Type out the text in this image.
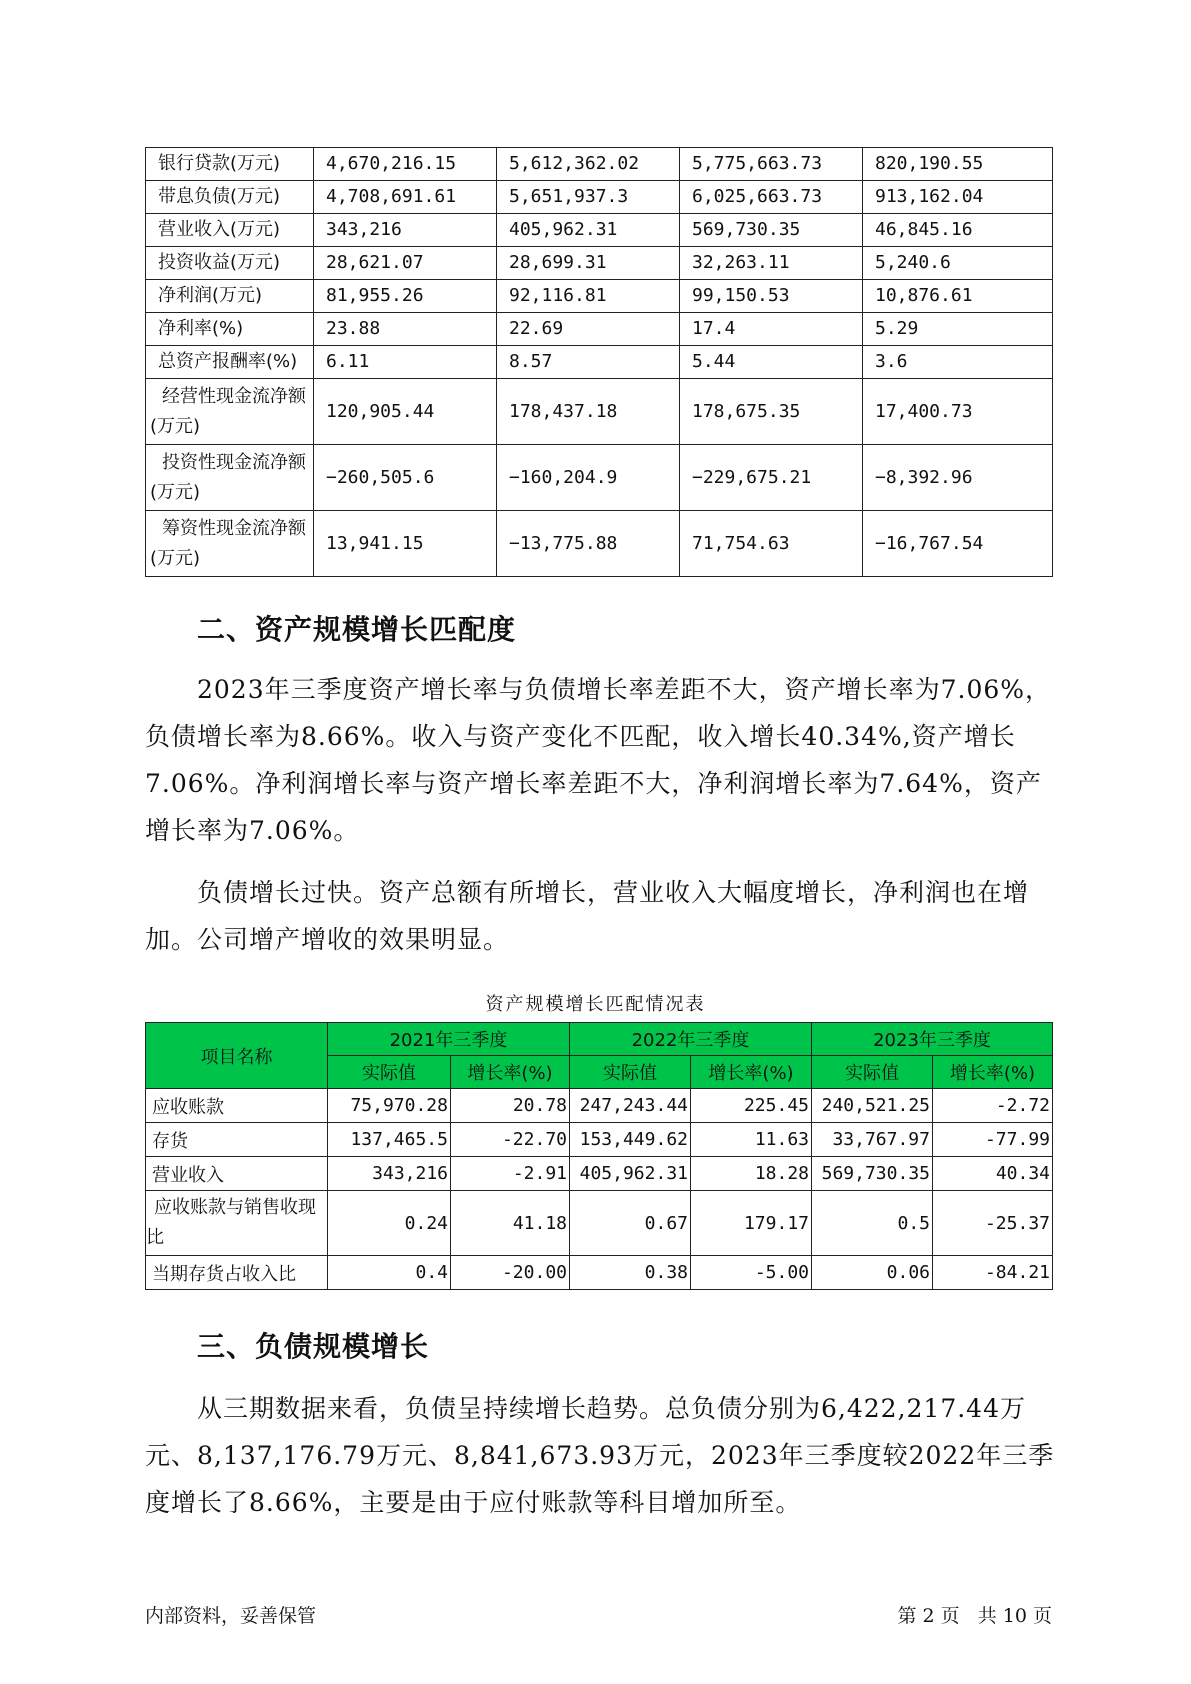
银行贷款(万元)	4,670,216.15	5,612,362.02	5,775,663.73	820,190.55
带息负债(万元)	4,708,691.61	5,651,937.3	6,025,663.73	913,162.04
营业收入(万元)	343,216	405,962.31	569,730.35	46,845.16
投资收益(万元)	28,621.07	28,699.31	32,263.11	5,240.6
净利润(万元)	81,955.26	92,116.81	99,150.53	10,876.61
净利率(%)	23.88	22.69	17.4	5.29
总资产报酬率(%)	6.11	8.57	5.44	3.6

经营性现金流净额(万元)	120,905.44	178,437.18	178,675.35	17,400.73

投资性现金流净额(万元)	−260,505.6	−160,204.9	−229,675.21	−8,392.96

筹资性现金流净额(万元)	13,941.15	−13,775.88	71,754.63	−16,767.54
二、资产规模增长匹配度

2023年三季度资产增长率与负债增长率差距不大，资产增长率为7.06%，负债增长率为8.66%。收入与资产变化不匹配，收入增长40.34%,资产增长7.06%。净利润增长率与资产增长率差距不大，净利润增长率为7.64%，资产增长率为7.06%。

负债增长过快。资产总额有所增长，营业收入大幅度增长，净利润也在增加。公司增产增收的效果明显。

资产规模增长匹配情况表
项目名称	2021年三季度		2022年三季度		2023年三季度	
	实际值	增长率(%)	实际值	增长率(%)	实际值	增长率(%)
应收账款	75,970.28	20.78	247,243.44	225.45	240,521.25	-2.72
存货	137,465.5	-22.70	153,449.62	11.63	33,767.97	-77.99
营业收入	343,216	-2.91	405,962.31	18.28	569,730.35	40.34

应收账款与销售收现比	0.24	41.18	0.67	179.17	0.5	-25.37
当期存货占收入比	0.4	-20.00	0.38	-5.00	0.06	-84.21
三、负债规模增长

从三期数据来看，负债呈持续增长趋势。总负债分别为6,422,217.44万元、8,137,176.79万元、8,841,673.93万元，2023年三季度较2022年三季度增长了8.66%，主要是由于应付账款等科目增加所至。

内部资料，妥善保管	第 2 页   共 10 页
